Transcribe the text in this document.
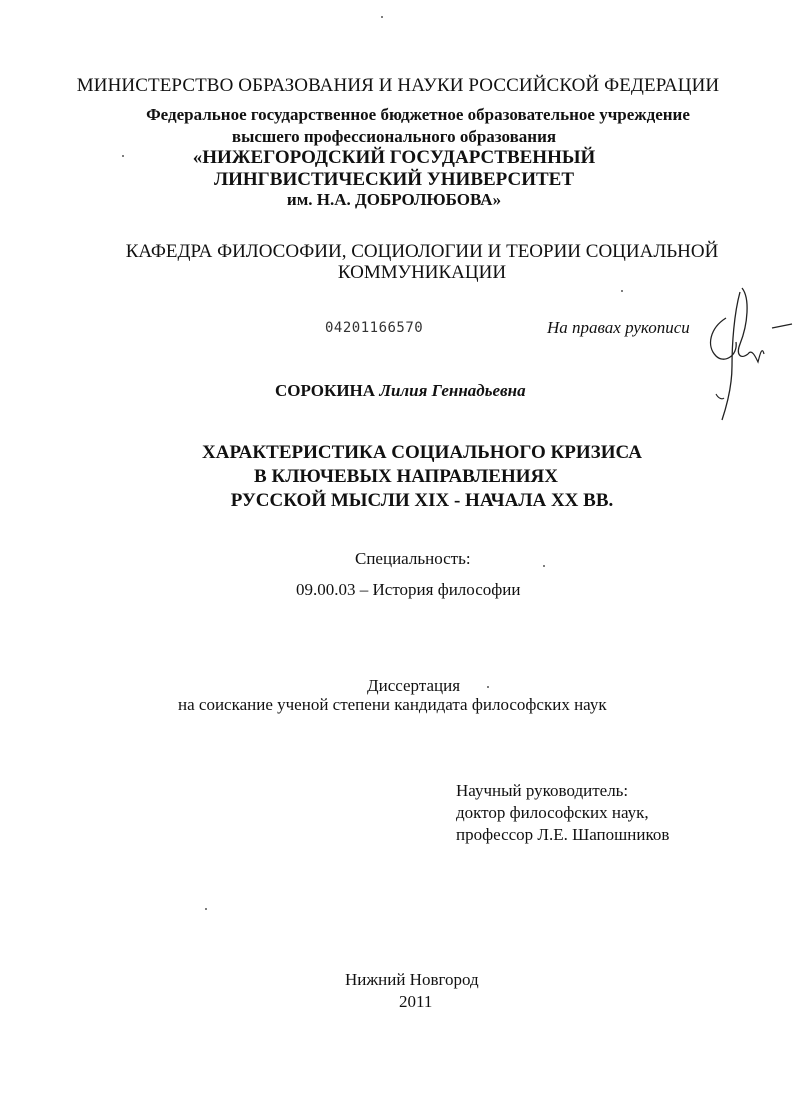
МИНИСТЕРСТВО ОБРАЗОВАНИЯ И НАУКИ РОССИЙСКОЙ ФЕДЕРАЦИИ
Федеральное государственное бюджетное образовательное учреждение
высшего профессионального образования
«НИЖЕГОРОДСКИЙ ГОСУДАРСТВЕННЫЙ
ЛИНГВИСТИЧЕСКИЙ УНИВЕРСИТЕТ
им. Н.А. ДОБРОЛЮБОВА»
КАФЕДРА ФИЛОСОФИИ, СОЦИОЛОГИИ И ТЕОРИИ СОЦИАЛЬНОЙ
КОММУНИКАЦИИ
04201166570	На правах рукописи
СОРОКИНА Лилия Геннадьевна
ХАРАКТЕРИСТИКА СОЦИАЛЬНОГО КРИЗИСА
В КЛЮЧЕВЫХ НАПРАВЛЕНИЯХ
РУССКОЙ МЫСЛИ XIX - НАЧАЛА XX ВВ.
Специальность:
09.00.03 – История философии
Диссертация
на соискание ученой степени кандидата философских наук
Научный руководитель:
доктор философских наук,
профессор Л.Е. Шапошников
Нижний Новгород
2011
